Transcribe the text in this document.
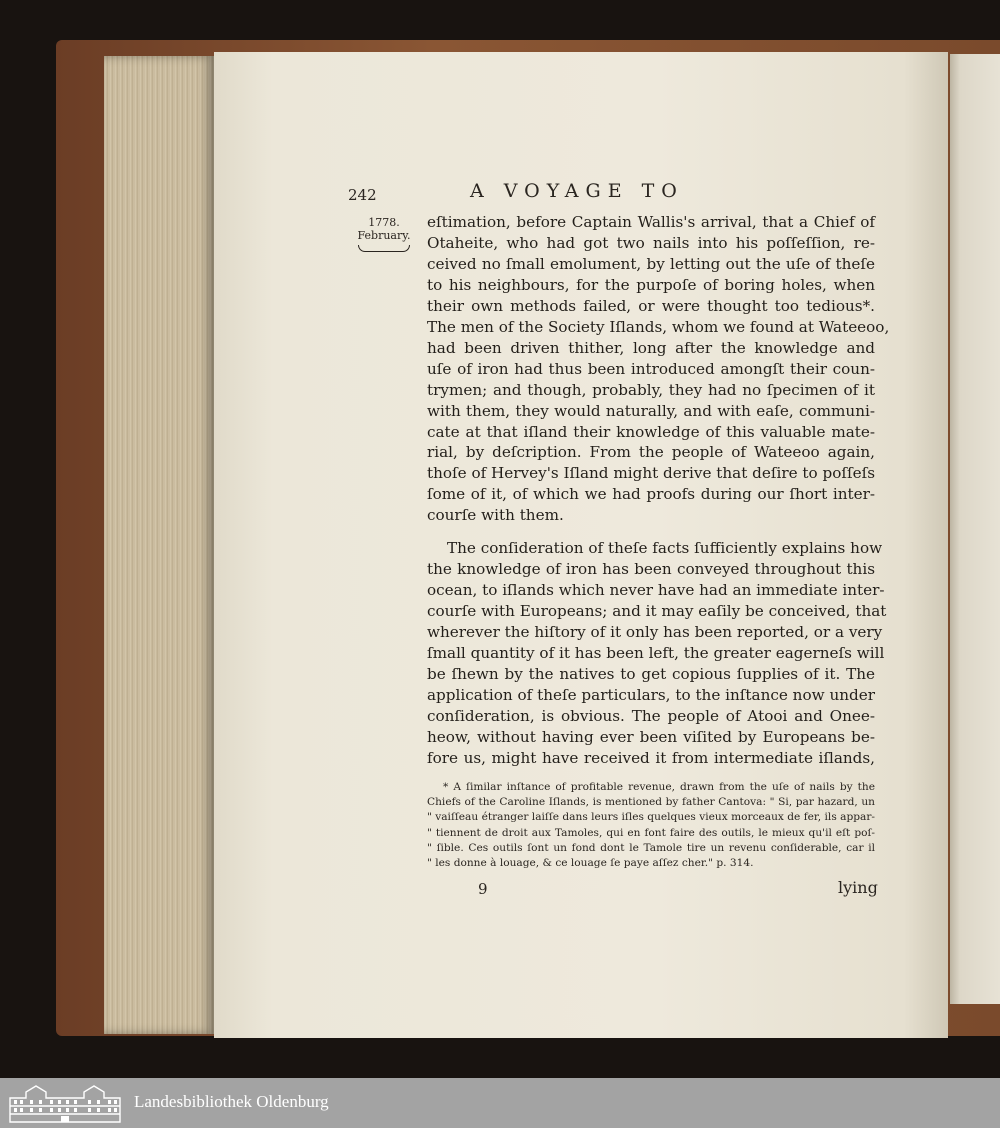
242	A VOYAGE TO
1778.
February.
eſtimation, before Captain Wallis's arrival, that a Chief of
Otaheite, who had got two nails into his poſſeſſion, re-
ceived no ſmall emolument, by letting out the uſe of theſe
to his neighbours, for the purpoſe of boring holes, when
their own methods failed, or were thought too tedious*.
The men of the Society Iſlands, whom we found at Wateeoo,
had been driven thither, long after the knowledge and
uſe of iron had thus been introduced amongſt their coun-
trymen; and though, probably, they had no ſpecimen of it
with them, they would naturally, and with eaſe, communi-
cate at that iſland their knowledge of this valuable mate-
rial, by deſcription. From the people of Wateeoo again,
thoſe of Hervey's Iſland might derive that deſire to poſſeſs
ſome of it, of which we had proofs during our ſhort inter-
courſe with them.
The conſideration of theſe facts ſufficiently explains how
the knowledge of iron has been conveyed throughout this
ocean, to iſlands which never have had an immediate inter-
courſe with Europeans; and it may eaſily be conceived, that
wherever the hiſtory of it only has been reported, or a very
ſmall quantity of it has been left, the greater eagerneſs will
be ſhewn by the natives to get copious ſupplies of it. The
application of theſe particulars, to the inſtance now under
conſideration, is obvious. The people of Atooi and Onee-
heow, without having ever been viſited by Europeans be-
fore us, might have received it from intermediate iſlands,
* A ſimilar inſtance of profitable revenue, drawn from the uſe of nails by the
Chiefs of the Caroline Iſlands, is mentioned by father Cantova: " Si, par hazard, un
" vaiſſeau étranger laiſſe dans leurs iſles quelques vieux morceaux de fer, ils appar-
" tiennent de droit aux Tamoles, qui en font faire des outils, le mieux qu'il eſt poſ-
" ſible. Ces outils ſont un fond dont le Tamole tire un revenu conſiderable, car il
" les donne à louage, & ce louage ſe paye aſſez cher." p. 314.
9	lying
Landesbibliothek Oldenburg
